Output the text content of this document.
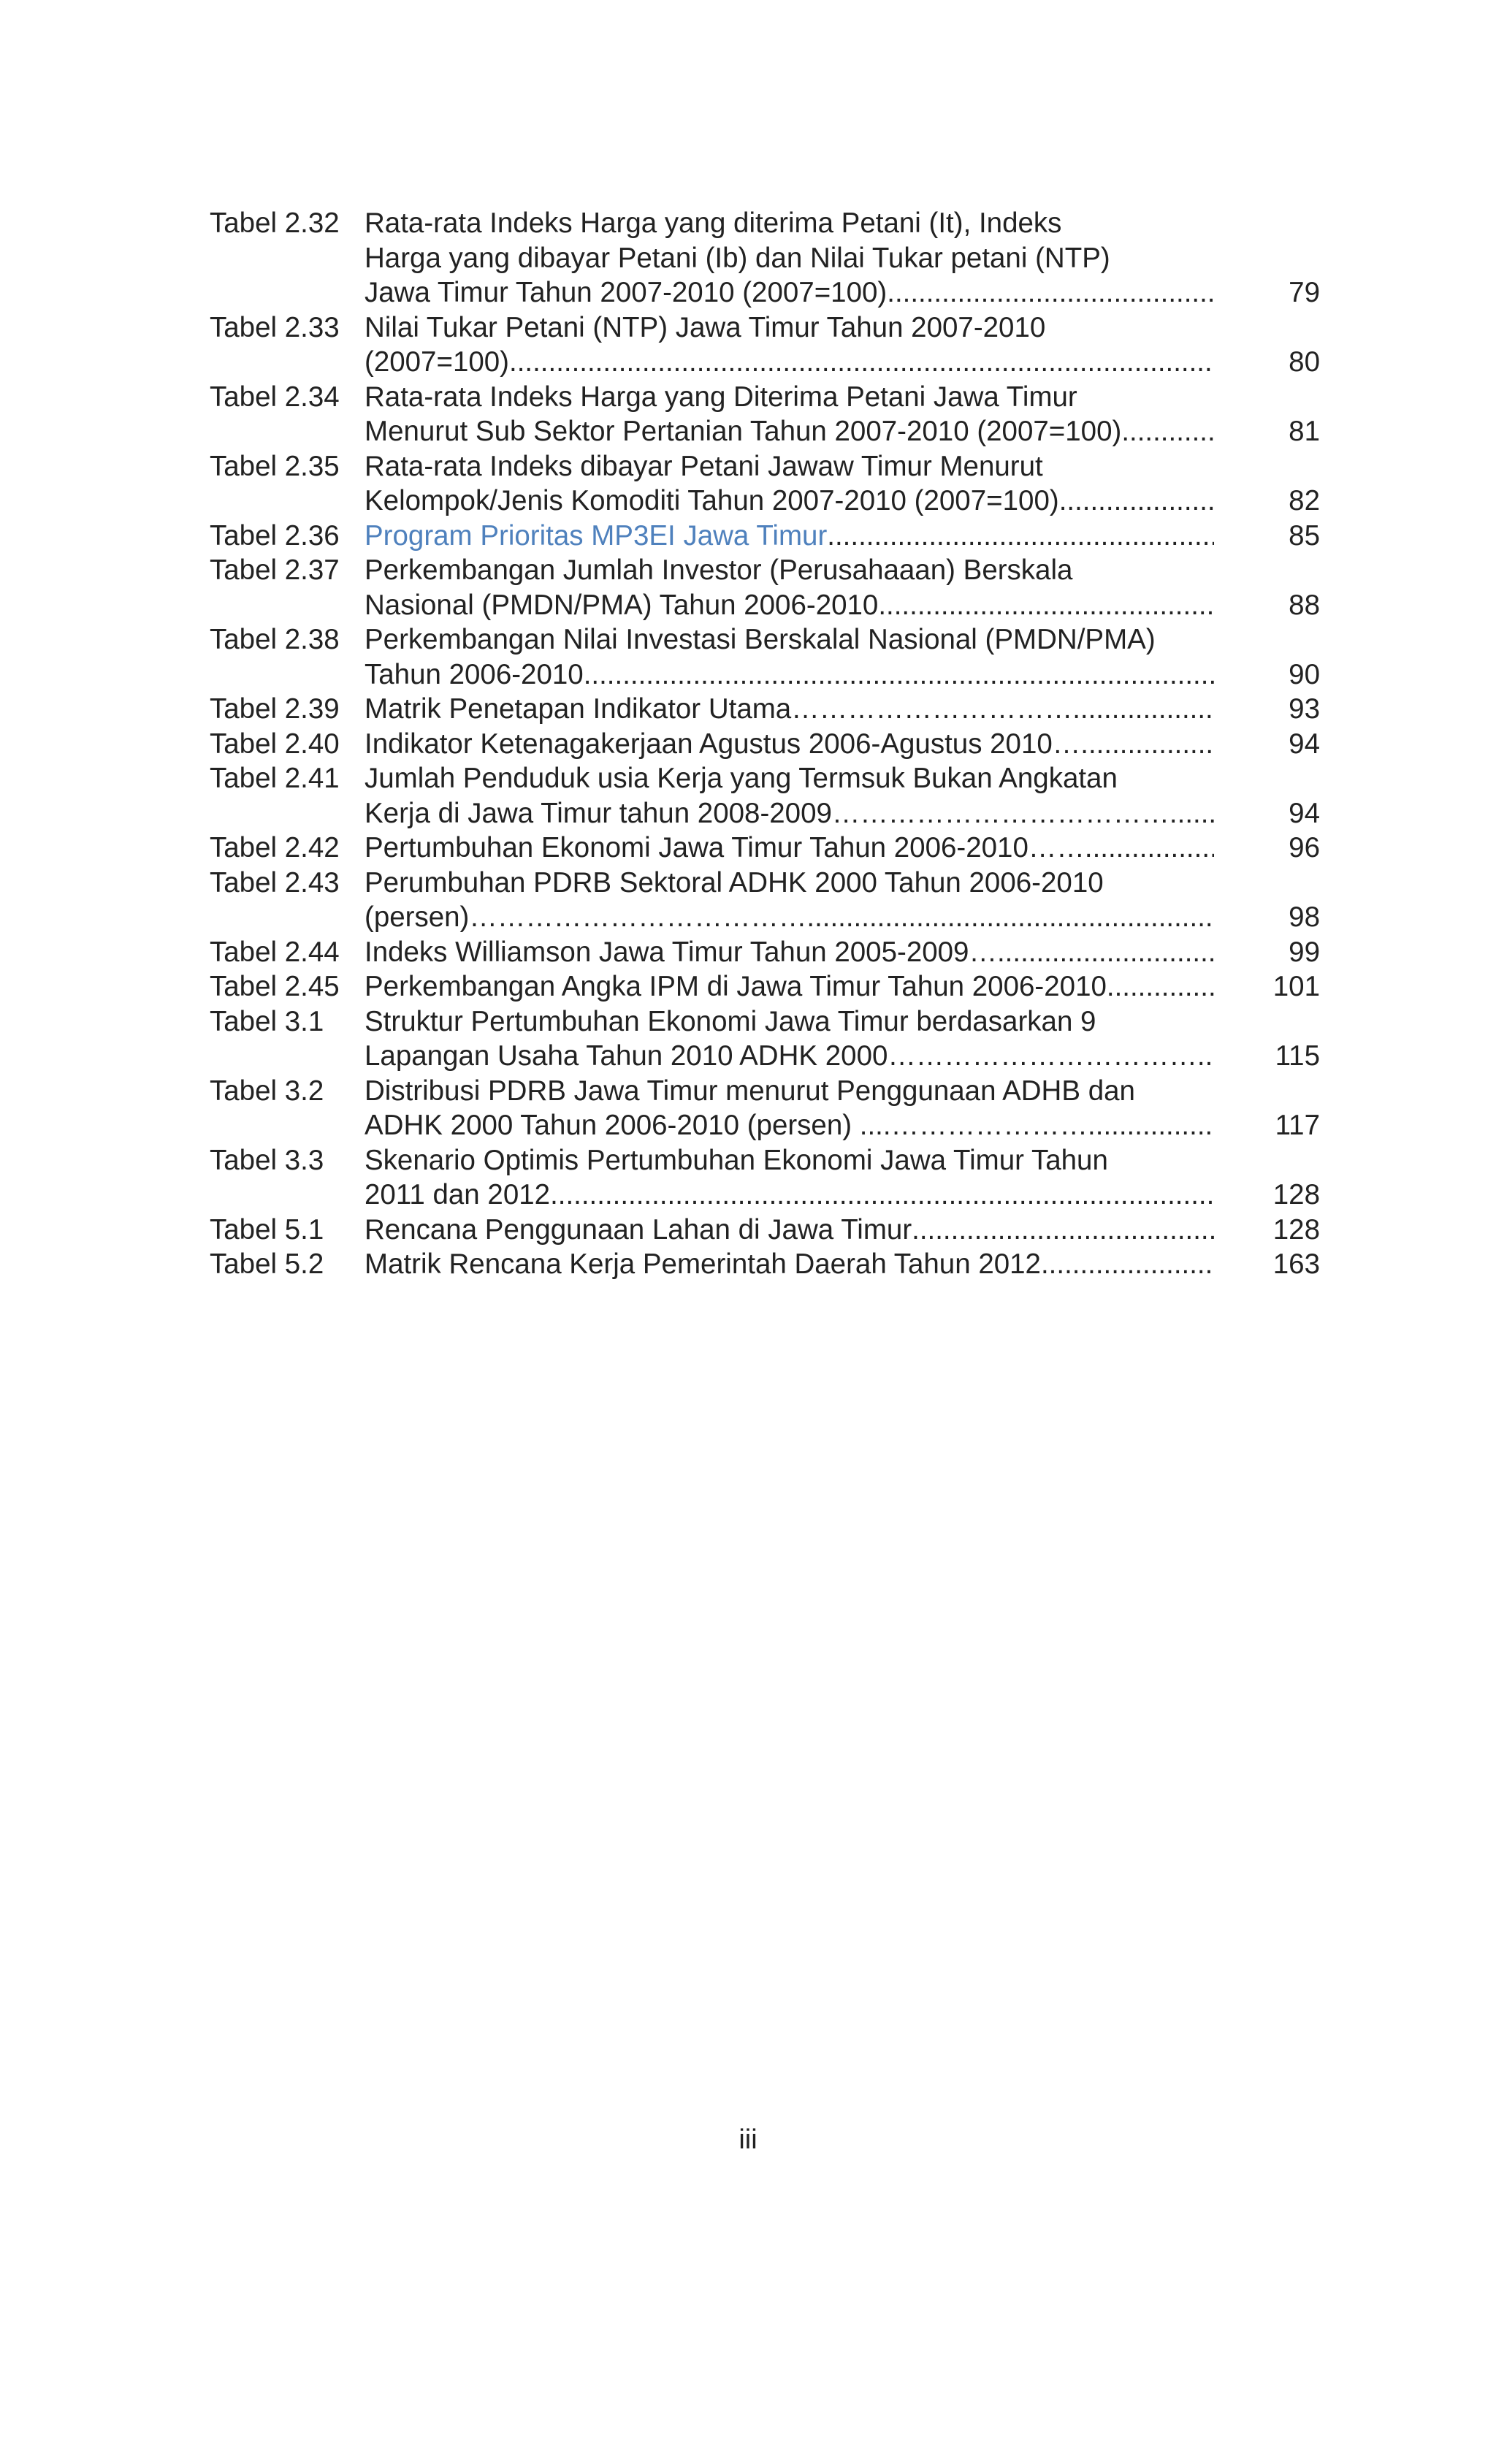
Tabel 2.32 Rata-rata Indeks Harga yang diterima Petani (It), Indeks
Harga yang dibayar Petani (Ib) dan Nilai Tukar petani (NTP)
Jawa Timur Tahun 2007-2010 (2007=100) .....	79
Tabel 2.33 Nilai Tukar Petani (NTP) Jawa Timur Tahun 2007-2010
(2007=100) .....	80
Tabel 2.34 Rata-rata Indeks Harga yang Diterima Petani Jawa Timur
Menurut Sub Sektor Pertanian Tahun 2007-2010 (2007=100) .....	81
Tabel 2.35 Rata-rata Indeks dibayar Petani Jawaw Timur Menurut
Kelompok/Jenis Komoditi Tahun 2007-2010 (2007=100) .....	82
Tabel 2.36 Program Prioritas MP3EI Jawa Timur .....	85
Tabel 2.37 Perkembangan Jumlah Investor (Perusahaaan) Berskala
Nasional (PMDN/PMA) Tahun 2006-2010 .....	88
Tabel 2.38 Perkembangan Nilai Investasi Berskalal Nasional (PMDN/PMA)
Tahun 2006-2010 .....	90
Tabel 2.39 Matrik Penetapan Indikator Utama………………………… .....	93
Tabel 2.40 Indikator Ketenagakerjaan Agustus 2006-Agustus 2010…. .....	94
Tabel 2.41 Jumlah Penduduk usia Kerja yang Termsuk Bukan Angkatan
Kerja di Jawa Timur tahun 2008-2009……………………………… .....	94
Tabel 2.42 Pertumbuhan Ekonomi Jawa Timur Tahun 2006-2010…… .....	96
Tabel 2.43 Perumbuhan PDRB Sektoral ADHK 2000 Tahun 2006-2010
(persen)……………………………… .....	98
Tabel 2.44 Indeks Williamson Jawa Timur Tahun 2005-2009…. .....	99
Tabel 2.45 Perkembangan Angka IPM di Jawa Timur Tahun 2006-2010 .....	101
Tabel 3.1	Struktur Pertumbuhan Ekonomi Jawa Timur berdasarkan 9
Lapangan Usaha Tahun 2010 ADHK 2000…………………………… .....	115
Tabel 3.2	Distribusi PDRB Jawa Timur menurut Penggunaan ADHB dan
ADHK 2000 Tahun 2006-2010 (persen) ....…………………. .....	117
Tabel 3.3	Skenario Optimis Pertumbuhan Ekonomi Jawa Timur Tahun
2011 dan 2012 .....	128
Tabel 5.1	Rencana Penggunaan Lahan di Jawa Timur .....	128
Tabel 5.2	Matrik Rencana Kerja Pemerintah Daerah Tahun 2012 .....	163
iii
